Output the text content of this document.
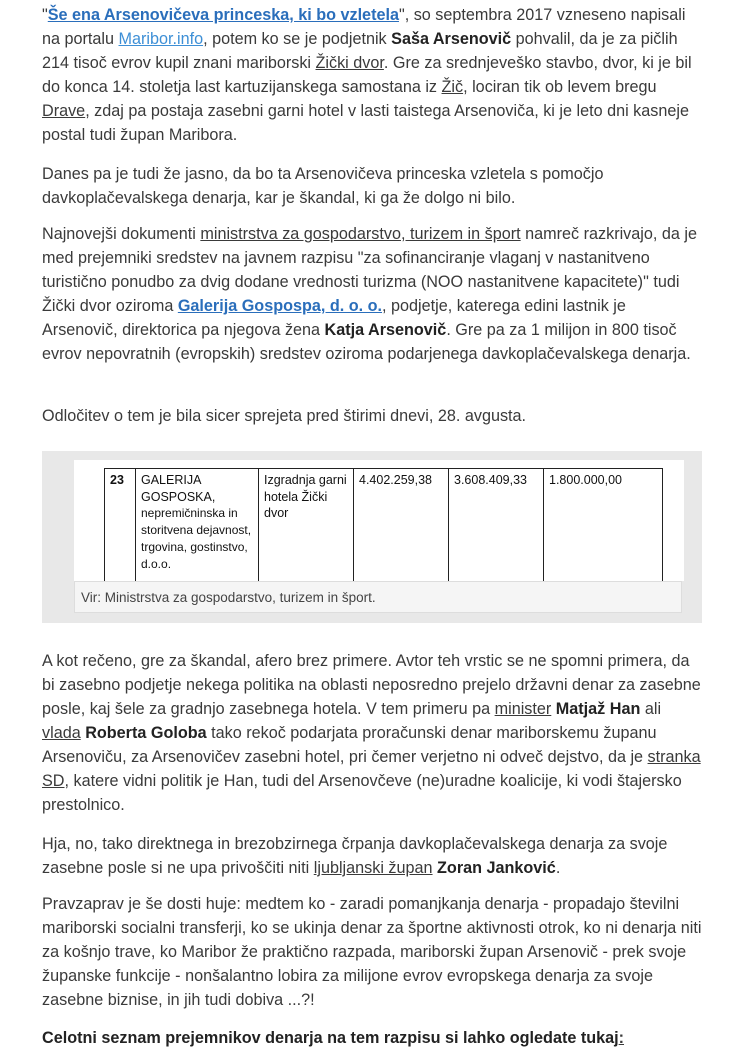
"Še ena Arsenovičeva princeska, ki bo vzletela", so septembra 2017 vzneseno napisali na portalu Maribor.info, potem ko se je podjetnik Saša Arsenovič pohvalil, da je za pičlih 214 tisoč evrov kupil znani mariborski Žički dvor. Gre za srednjeveško stavbo, dvor, ki je bil do konca 14. stoletja last kartuzijanskega samostana iz Žič, lociran tik ob levem bregu Drave, zdaj pa postaja zasebni garni hotel v lasti taistega Arsenoviča, ki je leto dni kasneje postal tudi župan Maribora.

Danes pa je tudi že jasno, da bo ta Arsenovičeva princeska vzletela s pomočjo davkoplačevalskega denarja, kar je škandal, ki ga že dolgo ni bilo.

Najnovejši dokumenti ministrstva za gospodarstvo, turizem in šport namreč razkrivajo, da je med prejemniki sredstev na javnem razpisu "za sofinanciranje vlaganj v nastanitveno turistično ponudbo za dvig dodane vrednosti turizma (NOO nastanitvene kapacitete)" tudi Žički dvor oziroma Galerija Gospospa, d. o. o., podjetje, katerega edini lastnik je Arsenovič, direktorica pa njegova žena Katja Arsenovič. Gre pa za 1 milijon in 800 tisoč evrov nepovratnih (evropskih) sredstev oziroma podarjenega davkoplačevalskega denarja.

Odločitev o tem je bila sicer sprejeta pred štirimi dnevi, 28. avgusta.

23	GALERIJA GOSPOSKA,
nepremičninska in storitvena dejavnost, trgovina, gostinstvo, d.o.o.	Izgradnja garni hotela Žički dvor	4.402.259,38	3.608.409,33	1.800.000,00
Vir: Ministrstva za gospodarstvo, turizem in šport.

A kot rečeno, gre za škandal, afero brez primere. Avtor teh vrstic se ne spomni primera, da bi zasebno podjetje nekega politika na oblasti neposredno prejelo državni denar za zasebne posle, kaj šele za gradnjo zasebnega hotela. V tem primeru pa minister Matjaž Han ali vlada Roberta Goloba tako rekoč podarjata proračunski denar mariborskemu županu Arsenoviču, za Arsenovičev zasebni hotel, pri čemer verjetno ni odveč dejstvo, da je stranka SD, katere vidni politik je Han, tudi del Arsenovčeve (ne)uradne koalicije, ki vodi štajersko prestolnico.

Hja, no, tako direktnega in brezobzirnega črpanja davkoplačevalskega denarja za svoje zasebne posle si ne upa privoščiti niti ljubljanski župan Zoran Janković.

Pravzaprav je še dosti huje: medtem ko - zaradi pomanjkanja denarja - propadajo številni mariborski socialni transferji, ko se ukinja denar za športne aktivnosti otrok, ko ni denarja niti za košnjo trave, ko Maribor že praktično razpada, mariborski župan Arsenovič - prek svoje županske funkcije - nonšalantno lobira za milijone evrov evropskega denarja za svoje zasebne biznise, in jih tudi dobiva ...?!

Celotni seznam prejemnikov denarja na tem razpisu si lahko ogledate tukaj:
